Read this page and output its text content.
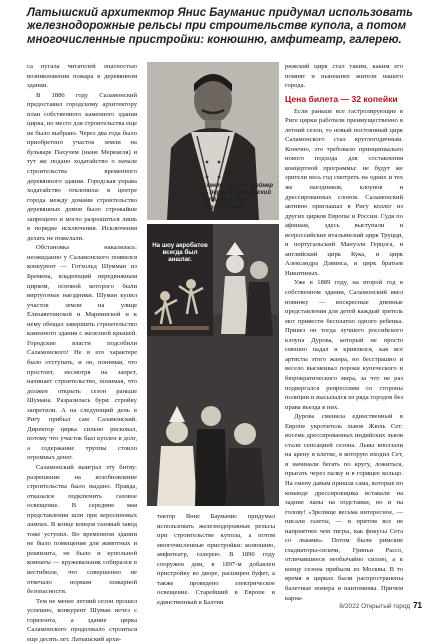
Латышский архитектор Янис Бауманис придумал использовать железнодорожные рельсы при строительстве купола, а потом многочисленные пристройки: конюшню, амфитеатр, галерею.

са пугала читателей опасностью возникновения пожара в деревянном здании.

В 1886 году Саламонский предоставил городскому архитектору план собственного каменного здания цирка, но место для строительства еще не было выбрано. Через два года было приобретено участок земли на бульваре Пахучем (ныне Мерккеля) и тут же подано ходатайство о начале строительства временного деревянного здания. Городская управа ходатайство отклонила: в центре города между домами строительство деревянных домов было строжайше запрещено и могло разрешиться лишь в порядке исключения. Исключения делать не пожелали.

Обстановка накалялась: неожиданно у Саламонского появился конкурент — Готхольд Шумман из Бремена, владеющий передвижным цирком, основой которого были виртуозные наездники. Шуман купил участок земли на улице Елизаветинской и Мариинской и к нему обещал завершить строительство каменного здания с железной крышей. Городские власти подсобили Саламонского! Не в его характере было отступать, и он, понимая, что простоит, несмотря на запрет, начинает строительство, понимая, что должен открыть сезон раньше Шумана. Разразилась буря: стройку запретили. А на следующий день в Ригу прибыл сам Саламонский. Директор цирка сильно рисковал, потому что участок был куплен в долг, а содержание труппы стоило огромных денег.

Саламонский выиграл эту битву: разрешение на возобновление строительства было выдано. Правда, отказался подключить газовое освещение. В середине мая представления шли при керосиновых лампах. В конце концов газовый завод тоже уступил. Во временном здании не было помещения для животных и реквизита, не было и купольной комнаты — кружевальник собирался в вестибюле, что совершенно не отвечало нормам пожарной безопасности.

Тем не менее летний сезон прошел успешно, конкурент Шуман исчез с горизонта, а здание цирка Саламонского продолжало строиться еще десять лет. Латышский архи-

Ахмет Трофим Мейнер — первый латышский артист цирка Саламонского.
На шоу акробатов всегда был аншлаг.

тектор Янис Бауманис придумал использовать железнодорожные рельсы при строительстве купола, а потом многочисленные пристройки: конюшню, амфитеатр, галерею. В 1890 году сооружен дом, в 1897-м добавлен пристройку во дворе, расширен буфет, а также проведено электрическое освещение. Старейший в Европе и единственный в Балтии

рижский цирк стал таким, каким его помнят и нынешнее жители нашего города.

Цена билета — 32 копейки

Если раньше все гастролирующие в Риге цирки работали преимущественно в летний сезон, то новый постоянный цирк Саламонского стал круглогодичным. Конечно, это требовало принципиально нового подхода для составления концертной программы: не будут же зрители весь год смотреть на одних и тех же наездников, клоунов и дрессированных слонов. Саламонский активно приглашал в Ригу коллег из других цирков Европы и России. Судя по афишам, здесь выступали и всероссийские итальянский цирк Труцци, и португальский Мануэля Герцога, и английский цирк Кука, и цирк Александра Дэвинса, и цирк братьев Никитиных.

Уже в 1889 году, на второй год в собственном здании, Саламонский ввел новинку — воскресные дневные представления для детей каждый зритель мог привести бесплатно одного ребенка. Привез он тогда лучшего российского клоуна Дурова, который не просто смешно падал и кривлялся, как все артисты этого жанра, но бесстрашно и весело высмеивал пороки купеческого и бюрократического мира, за что не раз подвергался репрессиям со стороны полиции и высылался из ряда городов без права въезда в них.

Дурова сменила единственный в Европе укротитель львов Жюль Сет: восемь дрессированных индийских львов стали сенсацией сезона. Львы вползали на арену в клетке, в которую входил Сет, и начинали бегать по кругу, ложиться, прыгать через палку и в горящее кольцо. На смену дамам пришла сама, которые по команде дрессировщика вставали на задние лапы на подставки, но и на голову! «Зрелище весьма интересное, — писали газеты, — и притом все не наприятнее чем тигры, как фокусы Сета со львами». Потом были римские гладиаторы-силачи, Гриньи Рассо, отличавшиеся необычайно силою, а к концу сезона прибыли из Москвы. В то время в цирках были распространены балетные номера и пантомимы. Причем карна-

8/2022 Открытый город 71
